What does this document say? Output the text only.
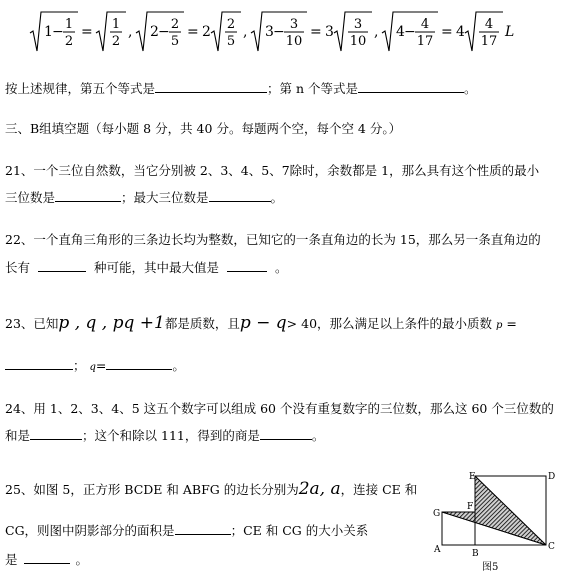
1 − 1
2
= 1
2
, 2 − 2
5
= 2 2
5
, 3 − 3
10
= 3 3
10
, 4 − 4
17
= 4 4
17
L
按上述规律，第五个等式是	；第 n 个等式是	。
三、B组填空题（每小题 8 分，共 40 分。每题两个空，每个空 4 分。）
21、一个三位自然数，当它分别被 2、3、4、5、7除时，余数都是 1，那么具有这个性质的最小
三位数是	；最大三位数是	。
22、一个直角三角形的三条边长均为整数，已知它的一条直角边的长为 15，那么另一条直角边的
长有	种可能，其中最大值是	。
23、已知p , q , pq +1都是质数，且p − q> 40，那么满足以上条件的最小质数 p =
； q=	。
24、用 1、2、3、4、5 这五个数字可以组成 60 个没有重复数字的三位数，那么这 60 个三位数的
和是	；这个和除以 111，得到的商是	。
25、如图 5，正方形 BCDE 和 ABFG 的边长分别为2a, a，连接 CE 和
CG，则图中阴影部分的面积是	；CE 和 CG 的大小关系
是	。
E	D
F
G
A	B
C
图5
